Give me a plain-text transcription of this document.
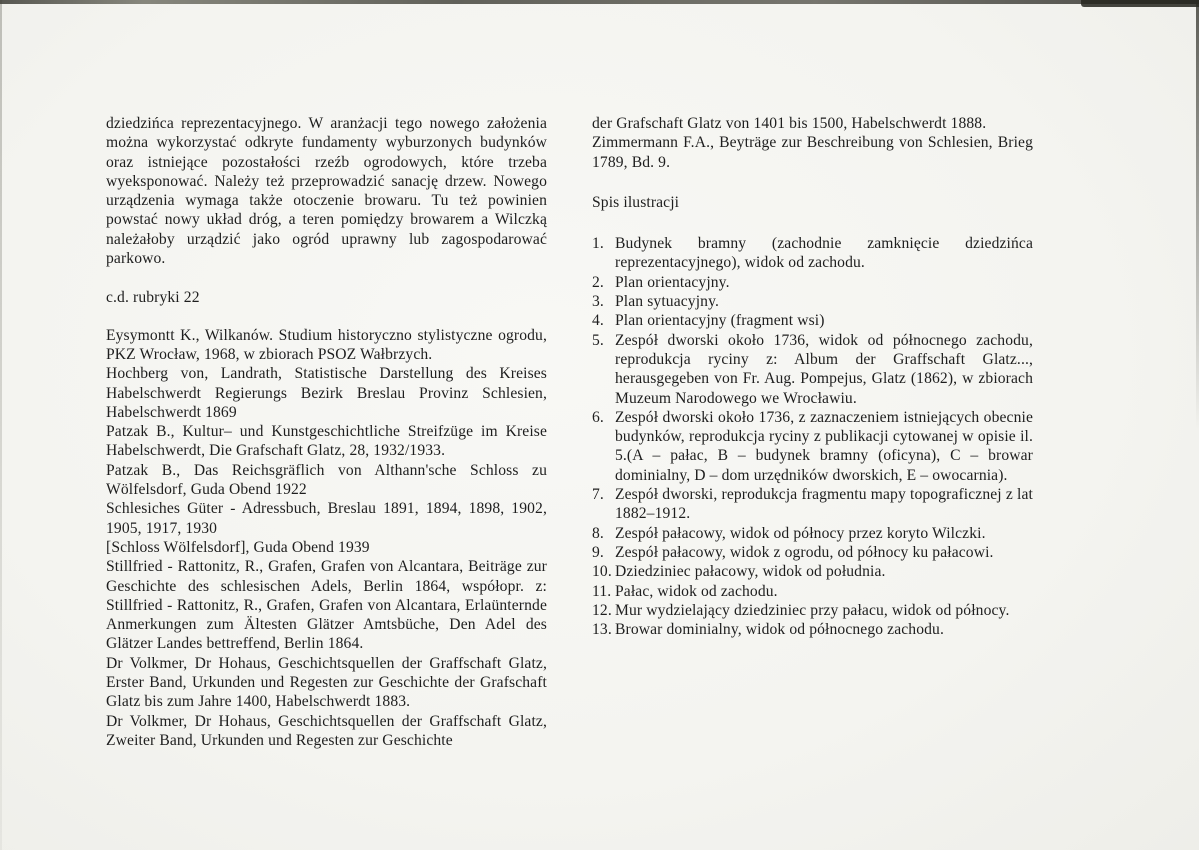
dziedzińca reprezentacyjnego. W aranżacji tego nowego założenia można wykorzystać odkryte fundamenty wyburzonych budynków oraz istniejące pozostałości rzeźb ogrodowych, które trzeba wyeksponować. Należy też przeprowadzić sanację drzew. Nowego urządzenia wymaga także otoczenie browaru. Tu też powinien powstać nowy układ dróg, a teren pomiędzy browarem a Wilczką należałoby urządzić jako ogród uprawny lub zagospodarować parkowo.

c.d. rubryki 22

Eysymontt K., Wilkanów. Studium historyczno stylistyczne ogrodu, PKZ Wrocław, 1968, w zbiorach PSOZ Wałbrzych.

Hochberg von, Landrath, Statistische Darstellung des Kreises Habelschwerdt Regierungs Bezirk Breslau Provinz Schlesien, Habelschwerdt 1869

Patzak B., Kultur– und Kunstgeschichtliche Streifzüge im Kreise Habelschwerdt, Die Grafschaft Glatz, 28, 1932/1933.

Patzak B., Das Reichsgräflich von Althann'sche Schloss zu Wölfelsdorf, Guda Obend 1922

Schlesiches Güter - Adressbuch, Breslau 1891, 1894, 1898, 1902, 1905, 1917, 1930

[Schloss Wölfelsdorf], Guda Obend 1939

Stillfried - Rattonitz, R., Grafen, Grafen von Alcantara, Beiträge zur Geschichte des schlesischen Adels, Berlin 1864, współopr. z: Stillfried - Rattonitz, R., Grafen, Grafen von Alcantara, Erlaünternde Anmerkungen zum Ältesten Glätzer Amtsbüche, Den Adel des Glätzer Landes bettreffend, Berlin 1864.

Dr Volkmer, Dr Hohaus, Geschichtsquellen der Graffschaft Glatz, Erster Band, Urkunden und Regesten zur Geschichte der Grafschaft Glatz bis zum Jahre 1400, Habelschwerdt 1883.

Dr Volkmer, Dr Hohaus, Geschichtsquellen der Graffschaft Glatz, Zweiter Band, Urkunden und Regesten zur Geschichte

der Grafschaft Glatz von 1401 bis 1500, Habelschwerdt 1888.

Zimmermann F.A., Beyträge zur Beschreibung von Schlesien, Brieg 1789, Bd. 9.

Spis ilustracji

1. Budynek bramny (zachodnie zamknięcie dziedzińca reprezentacyjnego), widok od zachodu.
2. Plan orientacyjny.
3. Plan sytuacyjny.
4. Plan orientacyjny (fragment wsi)
5. Zespół dworski około 1736, widok od północnego zachodu, reprodukcja ryciny z: Album der Graffschaft Glatz..., herausgegeben von Fr. Aug. Pompejus, Glatz (1862), w zbiorach Muzeum Narodowego we Wrocławiu.
6. Zespół dworski około 1736, z zaznaczeniem istniejących obecnie budynków, reprodukcja ryciny z publikacji cytowanej w opisie il. 5.(A – pałac, B – budynek bramny (oficyna), C – browar dominialny, D – dom urzędników dworskich, E – owocarnia).
7. Zespół dworski, reprodukcja fragmentu mapy topograficznej z lat 1882–1912.
8. Zespół pałacowy, widok od północy przez koryto Wilczki.
9. Zespół pałacowy, widok z ogrodu, od północy ku pałacowi.
10. Dziedziniec pałacowy, widok od południa.
11. Pałac, widok od zachodu.
12. Mur wydzielający dziedziniec przy pałacu, widok od północy.
13. Browar dominialny, widok od północnego zachodu.
